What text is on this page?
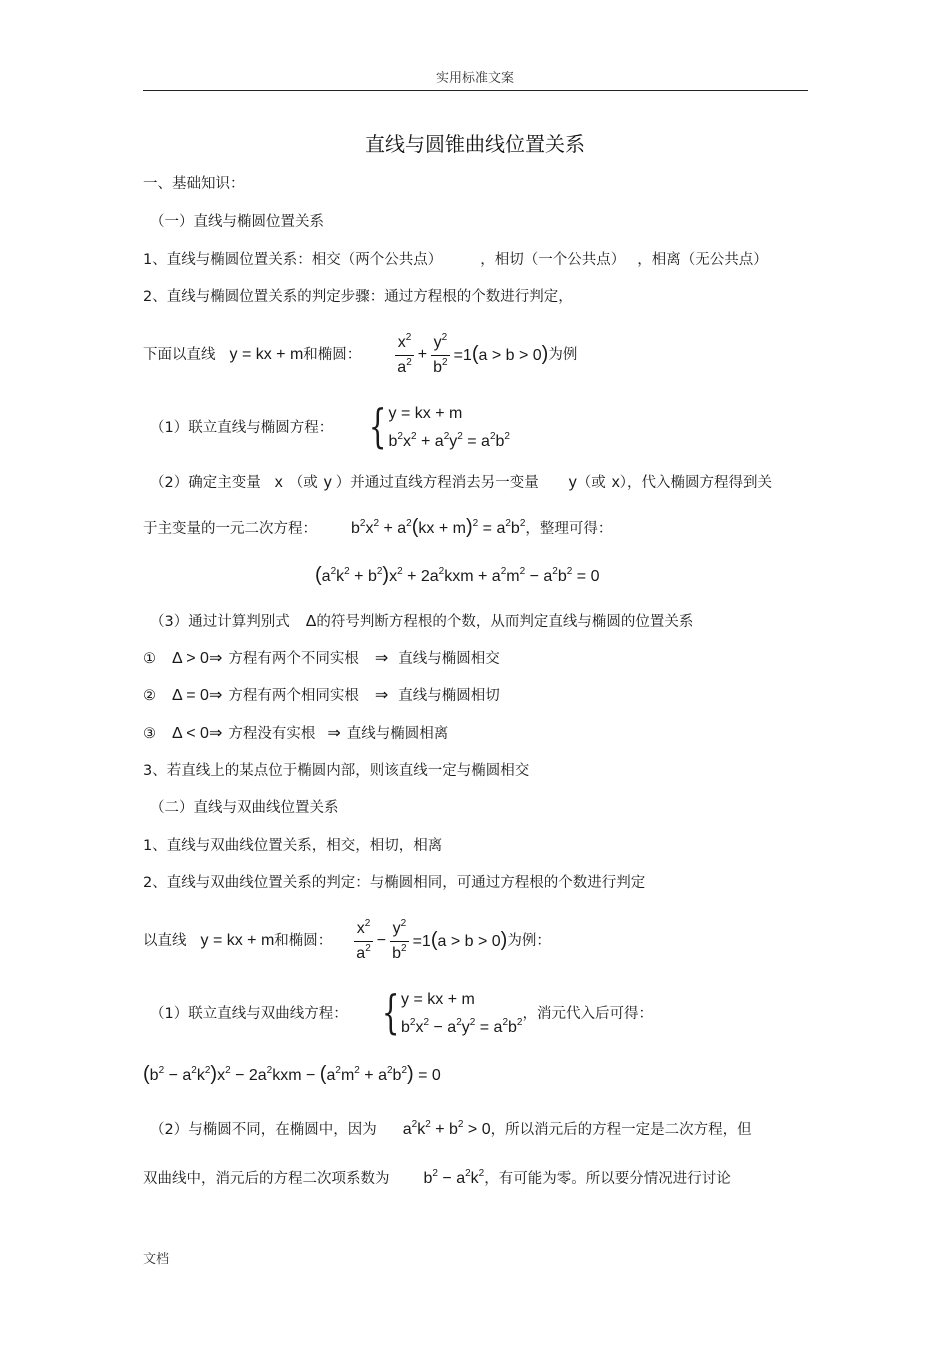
实用标准文案
直线与圆锥曲线位置关系
一、基础知识：
（一）直线与椭圆位置关系
1、直线与椭圆位置关系：相交（两个公共点）	，相切（一个公共点） ，相离（无公共点）
2、直线与椭圆位置关系的判定步骤：通过方程根的个数进行判定，
下面以直线 y = kx + m 和椭圆： $\frac{x^2}{a^2} + \frac{y^2}{b^2} =1(a > b > 0)$ 为例
（1）联立直线与椭圆方程： { y = kx + m
$b^2x^2 + a^2y^2 = a^2b^2$
（2）确定主变量 x （或 y ）并通过直线方程消去另一变量 y（或 x），代入椭圆方程得到关
于主变量的一元二次方程： $b^2x^2 + a^2(kx + m)^2 = a^2b^2$，整理可得：
$(a^2k^2 + b^2)x^2 + 2a^2kxm + a^2m^2 - a^2b^2 = 0$
（3）通过计算判别式 Δ的符号判断方程根的个数，从而判定直线与椭圆的位置关系
① Δ > 0⇒ 方程有两个不同实根 ⇒ 直线与椭圆相交
② Δ = 0⇒ 方程有两个相同实根 ⇒ 直线与椭圆相切
③ Δ < 0⇒ 方程没有实根 ⇒ 直线与椭圆相离
3、若直线上的某点位于椭圆内部，则该直线一定与椭圆相交
（二）直线与双曲线位置关系
1、直线与双曲线位置关系，相交，相切，相离
2、直线与双曲线位置关系的判定：与椭圆相同，可通过方程根的个数进行判定
以直线 y = kx + m 和椭圆： $\frac{x^2}{a^2} - \frac{y^2}{b^2} =1(a > b > 0)$ 为例：
（1）联立直线与双曲线方程： { y = kx + m
$b^2x^2 - a^2y^2 = a^2b^2$
，消元代入后可得：
$(b^2 - a^2k^2)x^2 - 2a^2kxm - (a^2m^2 + a^2b^2) = 0$
（2）与椭圆不同，在椭圆中，因为 $a^2k^2 + b^2 > 0$，所以消元后的方程一定是二次方程，但
双曲线中，消元后的方程二次项系数为 $b^2 - a^2k^2$，有可能为零。所以要分情况进行讨论
文档
